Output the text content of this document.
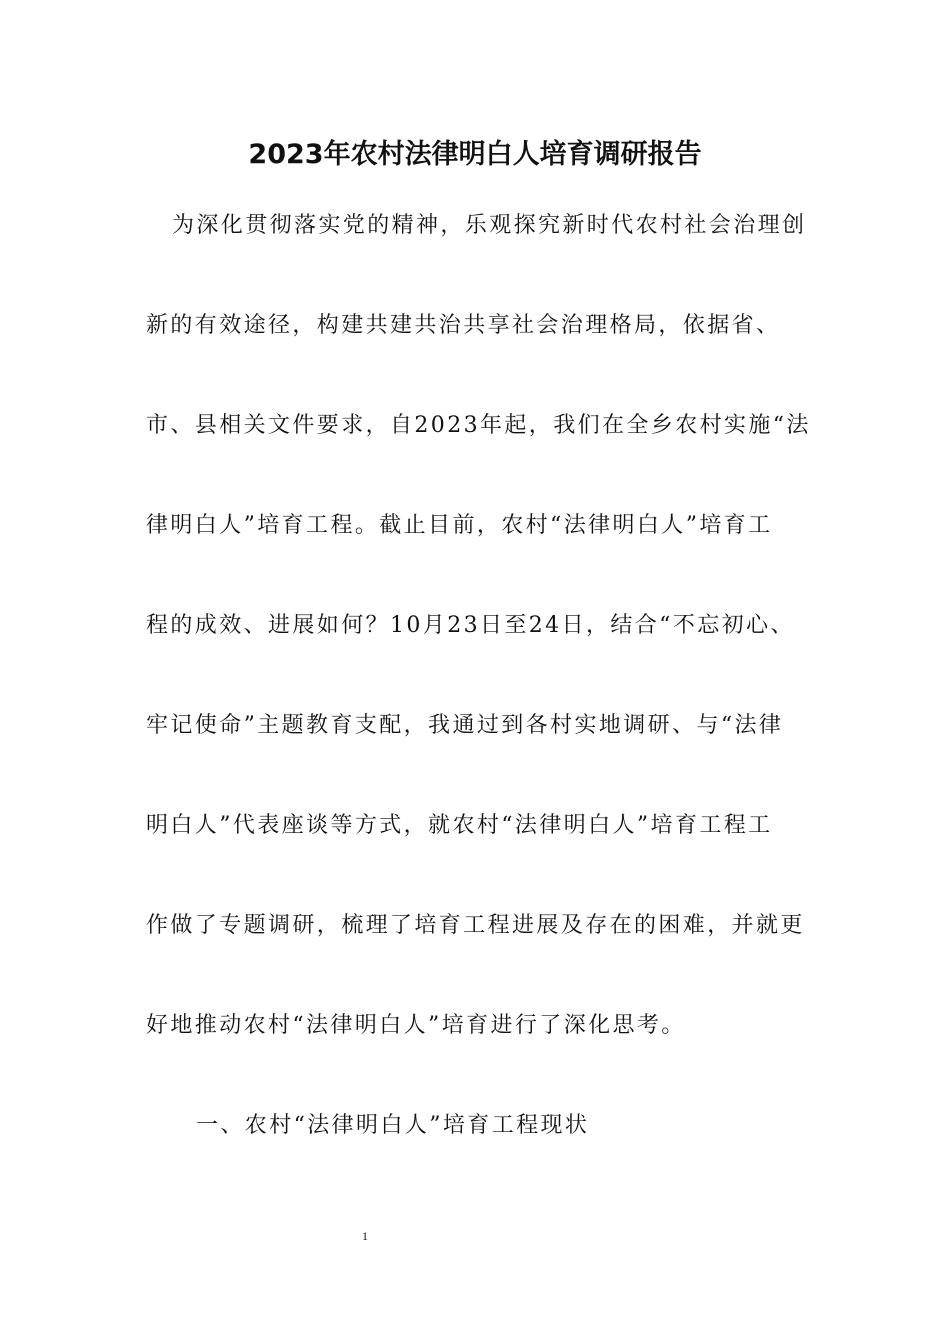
2023年农村法律明白人培育调研报告

为深化贯彻落实党的精神，乐观探究新时代农村社会治理创

新的有效途径，构建共建共治共享社会治理格局，依据省、

市、县相关文件要求，自2023年起，我们在全乡农村实施“法

律明白人”培育工程。截止目前，农村“法律明白人”培育工

程的成效、进展如何？10月23日至24日，结合“不忘初心、

牢记使命”主题教育支配，我通过到各村实地调研、与“法律

明白人”代表座谈等方式，就农村“法律明白人”培育工程工

作做了专题调研，梳理了培育工程进展及存在的困难，并就更

好地推动农村“法律明白人”培育进行了深化思考。

一、农村“法律明白人”培育工程现状

1
